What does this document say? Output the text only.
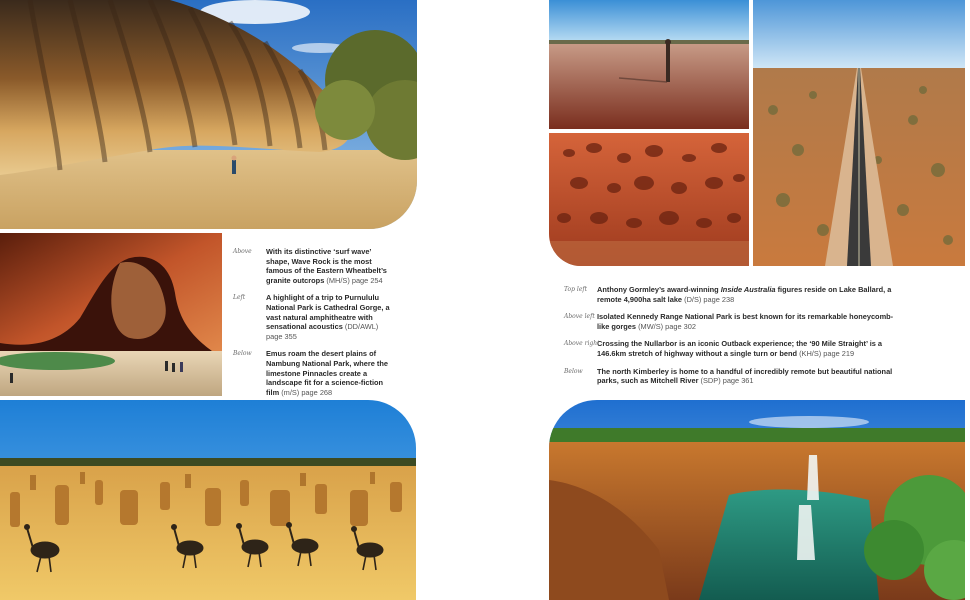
Above With its distinctive ‘surf wave’ shape, Wave Rock is the most famous of the Eastern Wheatbelt’s granite outcrops (MH/S) page 254
Left	A highlight of a trip to Purnululu National Park is Cathedral Gorge, a vast natural amphitheatre with sensational acoustics (DD/AWL) page 355
Below Emus roam the desert plains of Nambung National Park, where the limestone Pinnacles create a landscape fit for a science-fiction film (m/S) page 268
Top left Anthony Gormley’s award-winning Inside Australia figures reside on Lake Ballard, a remote 4,900ha salt lake (D/S) page 238
Above left Isolated Kennedy Range National Park is best known for its remarkable honeycomb-like gorges (MW/S) page 302
Above right
Crossing the Nullarbor is an iconic Outback experience; the ‘90 Mile Straight’ is a 146.6km stretch of highway without a single turn or bend (KH/S) page 219
Below The north Kimberley is home to a handful of incredibly remote but beautiful national parks, such as Mitchell River (SDP) page 361
